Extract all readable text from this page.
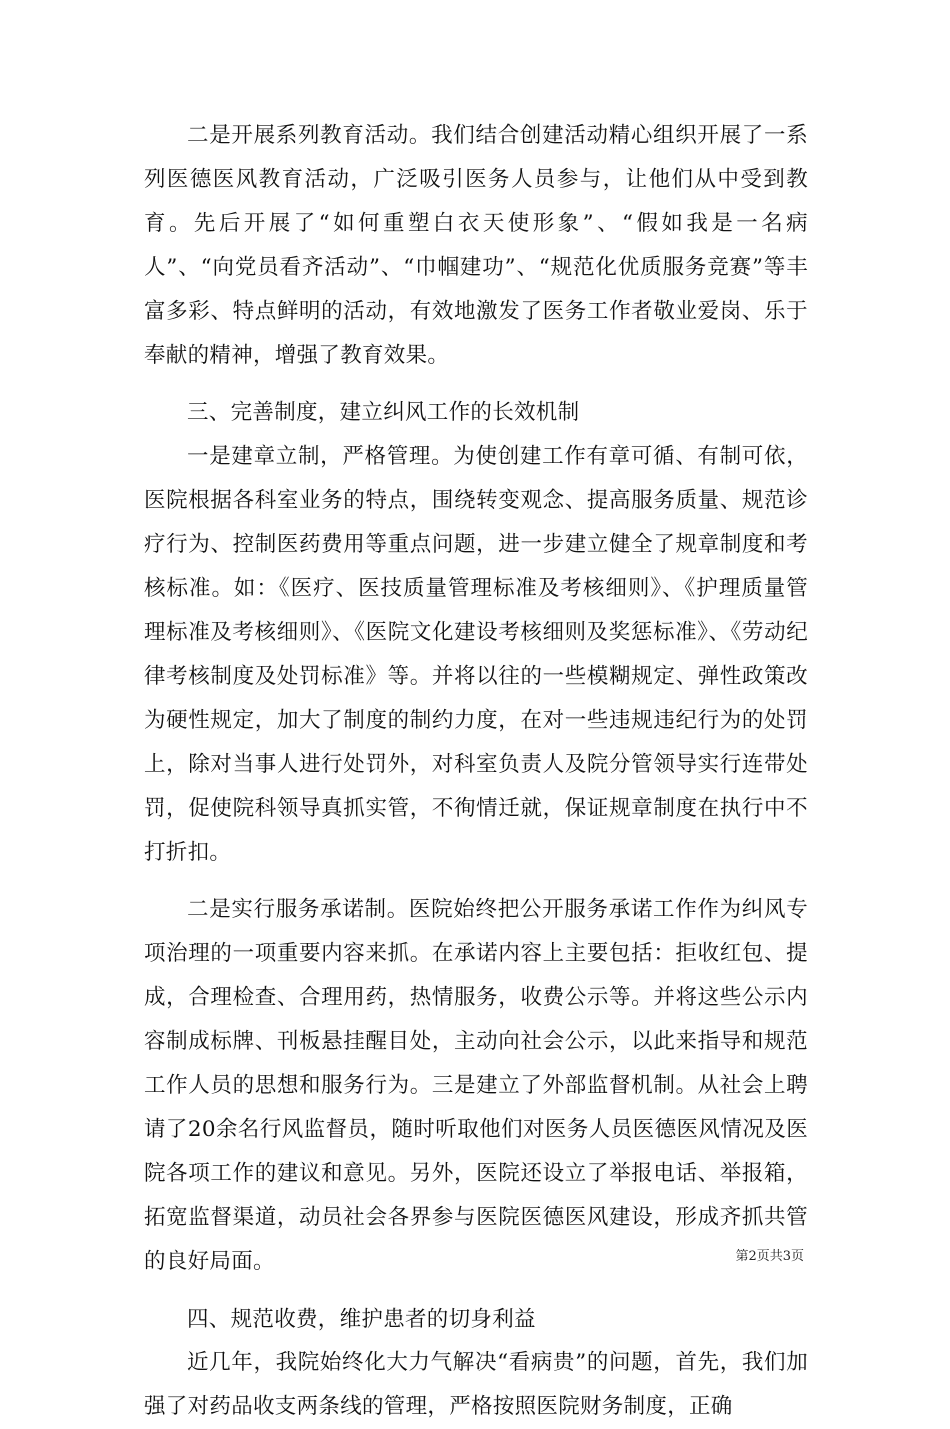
二是开展系列教育活动。我们结合创建活动精心组织开展了一系列医德医风教育活动，广泛吸引医务人员参与，让他们从中受到教育。先后开展了“如何重塑白衣天使形象”、“假如我是一名病人”、“向党员看齐活动”、“巾帼建功”、“规范化优质服务竞赛”等丰富多彩、特点鲜明的活动，有效地激发了医务工作者敬业爱岗、乐于奉献的精神，增强了教育效果。

三、完善制度，建立纠风工作的长效机制

一是建章立制，严格管理。为使创建工作有章可循、有制可依，医院根据各科室业务的特点，围绕转变观念、提高服务质量、规范诊疗行为、控制医药费用等重点问题，进一步建立健全了规章制度和考核标准。如：《医疗、医技质量管理标准及考核细则》、《护理质量管理标准及考核细则》、《医院文化建设考核细则及奖惩标准》、《劳动纪律考核制度及处罚标准》等。并将以往的一些模糊规定、弹性政策改为硬性规定，加大了制度的制约力度，在对一些违规违纪行为的处罚上，除对当事人进行处罚外，对科室负责人及院分管领导实行连带处罚，促使院科领导真抓实管，不徇情迁就，保证规章制度在执行中不打折扣。

二是实行服务承诺制。医院始终把公开服务承诺工作作为纠风专项治理的一项重要内容来抓。在承诺内容上主要包括：拒收红包、提成，合理检查、合理用药，热情服务，收费公示等。并将这些公示内容制成标牌、刊板悬挂醒目处，主动向社会公示，以此来指导和规范工作人员的思想和服务行为。三是建立了外部监督机制。从社会上聘请了20余名行风监督员，随时听取他们对医务人员医德医风情况及医院各项工作的建议和意见。另外，医院还设立了举报电话、举报箱，拓宽监督渠道，动员社会各界参与医院医德医风建设，形成齐抓共管的良好局面。

四、规范收费，维护患者的切身利益

近几年，我院始终化大力气解决“看病贵”的问题，首先，我们加强了对药品收支两条线的管理，严格按照医院财务制度，正确

第2页共3页
